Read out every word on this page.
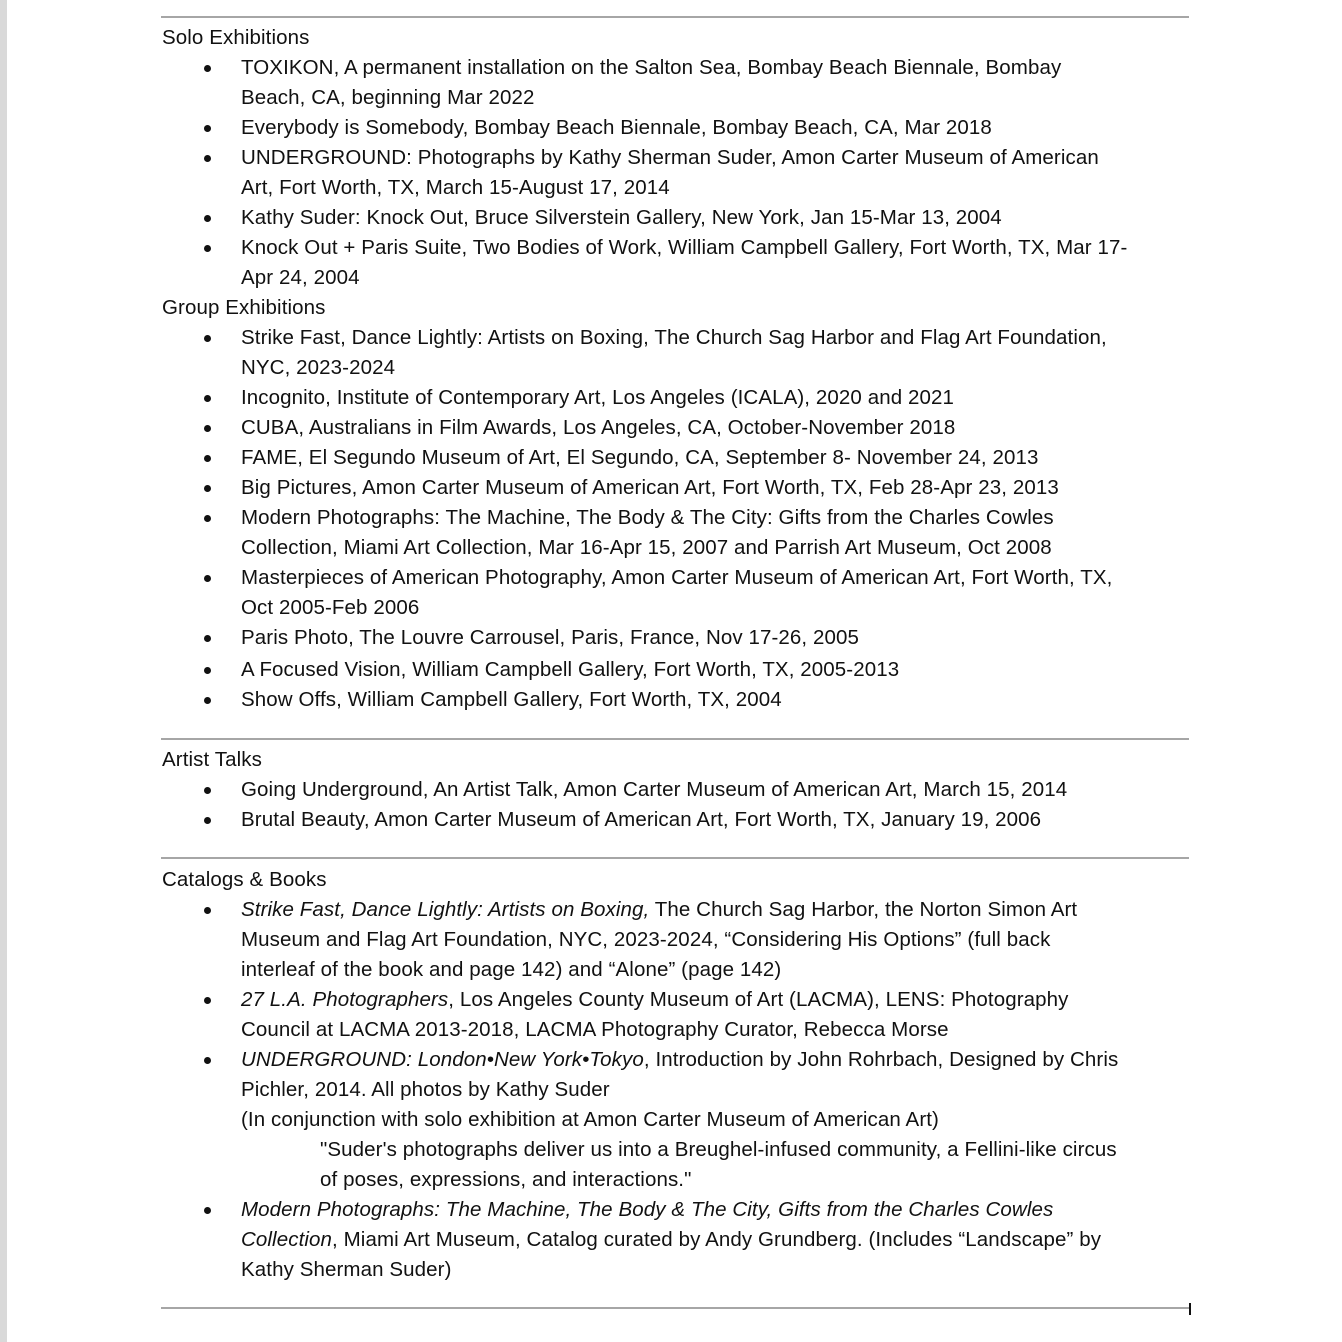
Solo Exhibitions
TOXIKON, A permanent installation on the Salton Sea, Bombay Beach Biennale, Bombay
Beach, CA, beginning Mar 2022
Everybody is Somebody, Bombay Beach Biennale, Bombay Beach, CA, Mar 2018
UNDERGROUND: Photographs by Kathy Sherman Suder, Amon Carter Museum of American
Art, Fort Worth, TX, March 15-August 17, 2014
Kathy Suder: Knock Out, Bruce Silverstein Gallery, New York, Jan 15-Mar 13, 2004
Knock Out + Paris Suite, Two Bodies of Work, William Campbell Gallery, Fort Worth, TX, Mar 17-
Apr 24, 2004
Group Exhibitions
Strike Fast, Dance Lightly: Artists on Boxing, The Church Sag Harbor and Flag Art Foundation,
NYC, 2023-2024
Incognito, Institute of Contemporary Art, Los Angeles (ICALA), 2020 and 2021
CUBA, Australians in Film Awards, Los Angeles, CA, October-November 2018
FAME, El Segundo Museum of Art, El Segundo, CA, September 8- November 24, 2013
Big Pictures, Amon Carter Museum of American Art, Fort Worth, TX, Feb 28-Apr 23, 2013
Modern Photographs: The Machine, The Body & The City: Gifts from the Charles Cowles
Collection, Miami Art Collection, Mar 16-Apr 15, 2007 and Parrish Art Museum, Oct 2008
Masterpieces of American Photography, Amon Carter Museum of American Art, Fort Worth, TX,
Oct 2005-Feb 2006
Paris Photo, The Louvre Carrousel, Paris, France, Nov 17-26, 2005
A Focused Vision, William Campbell Gallery, Fort Worth, TX, 2005-2013
Show Offs, William Campbell Gallery, Fort Worth, TX, 2004
Artist Talks
Going Underground, An Artist Talk, Amon Carter Museum of American Art, March 15, 2014
Brutal Beauty, Amon Carter Museum of American Art, Fort Worth, TX, January 19, 2006
Catalogs & Books
Strike Fast, Dance Lightly: Artists on Boxing, The Church Sag Harbor, the Norton Simon Art
Museum and Flag Art Foundation, NYC, 2023-2024, “Considering His Options” (full back
interleaf of the book and page 142) and “Alone” (page 142)
27 L.A. Photographers, Los Angeles County Museum of Art (LACMA), LENS: Photography
Council at LACMA 2013-2018, LACMA Photography Curator, Rebecca Morse
UNDERGROUND: London•New York•Tokyo, Introduction by John Rohrbach, Designed by Chris
Pichler, 2014. All photos by Kathy Suder
(In conjunction with solo exhibition at Amon Carter Museum of American Art)
"Suder's photographs deliver us into a Breughel-infused community, a Fellini-like circus
of poses, expressions, and interactions."
Modern Photographs: The Machine, The Body & The City, Gifts from the Charles Cowles
Collection, Miami Art Museum, Catalog curated by Andy Grundberg. (Includes “Landscape” by
Kathy Sherman Suder)
